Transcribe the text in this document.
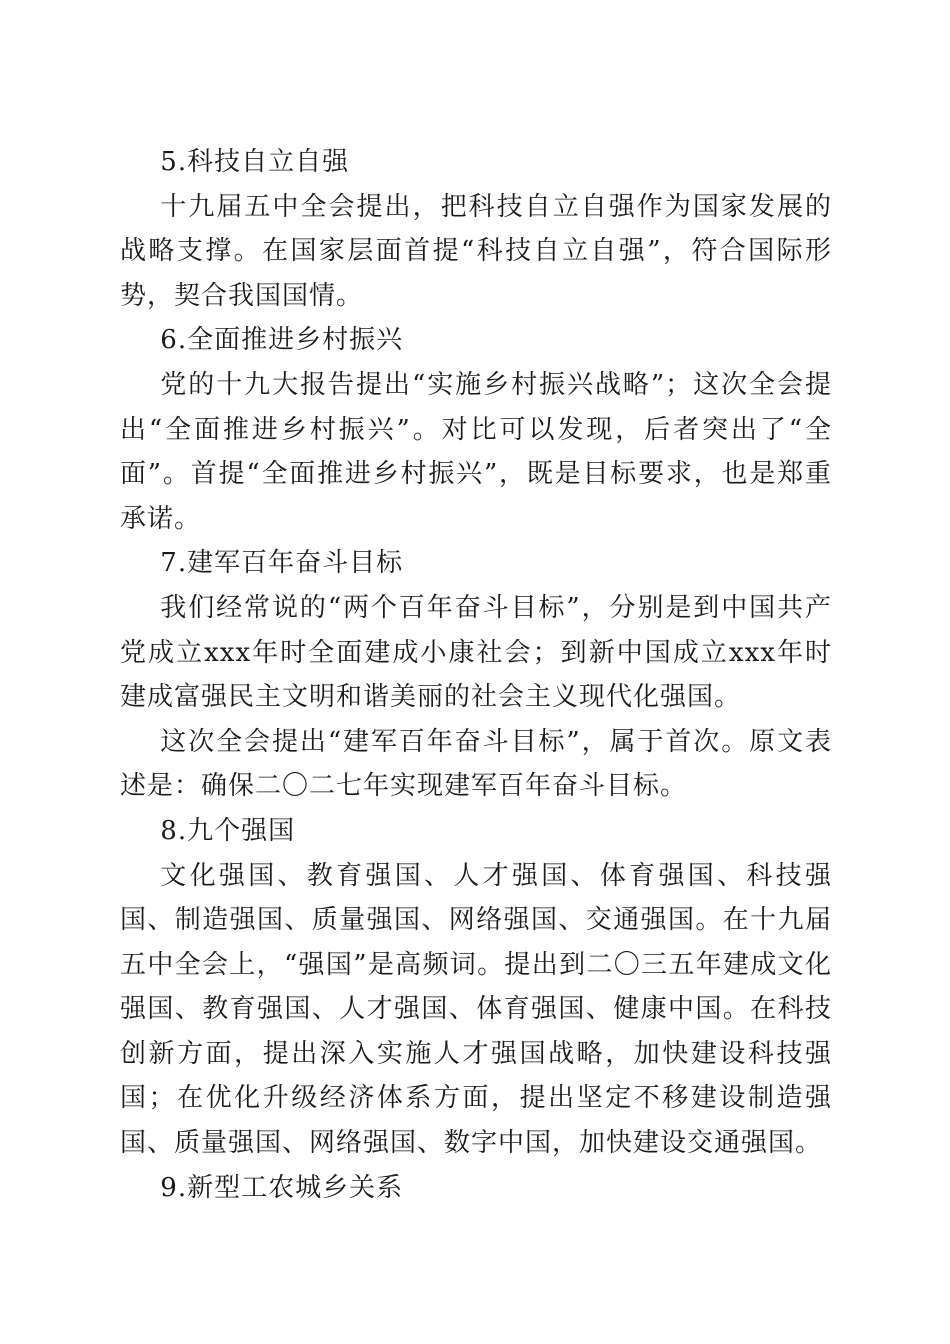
5.科技自立自强

十九届五中全会提出，把科技自立自强作为国家发展的战略支撑。在国家层面首提“科技自立自强”，符合国际形势，契合我国国情。

6.全面推进乡村振兴

党的十九大报告提出“实施乡村振兴战略”；这次全会提出“全面推进乡村振兴”。对比可以发现，后者突出了“全面”。首提“全面推进乡村振兴”，既是目标要求，也是郑重承诺。

7.建军百年奋斗目标

我们经常说的“两个百年奋斗目标”，分别是到中国共产党成立xxx年时全面建成小康社会；到新中国成立xxx年时建成富强民主文明和谐美丽的社会主义现代化强国。

这次全会提出“建军百年奋斗目标”，属于首次。原文表述是：确保二〇二七年实现建军百年奋斗目标。

8.九个强国

文化强国、教育强国、人才强国、体育强国、科技强国、制造强国、质量强国、网络强国、交通强国。在十九届五中全会上，“强国”是高频词。提出到二〇三五年建成文化强国、教育强国、人才强国、体育强国、健康中国。在科技创新方面，提出深入实施人才强国战略，加快建设科技强国；在优化升级经济体系方面，提出坚定不移建设制造强国、质量强国、网络强国、数字中国，加快建设交通强国。

9.新型工农城乡关系
